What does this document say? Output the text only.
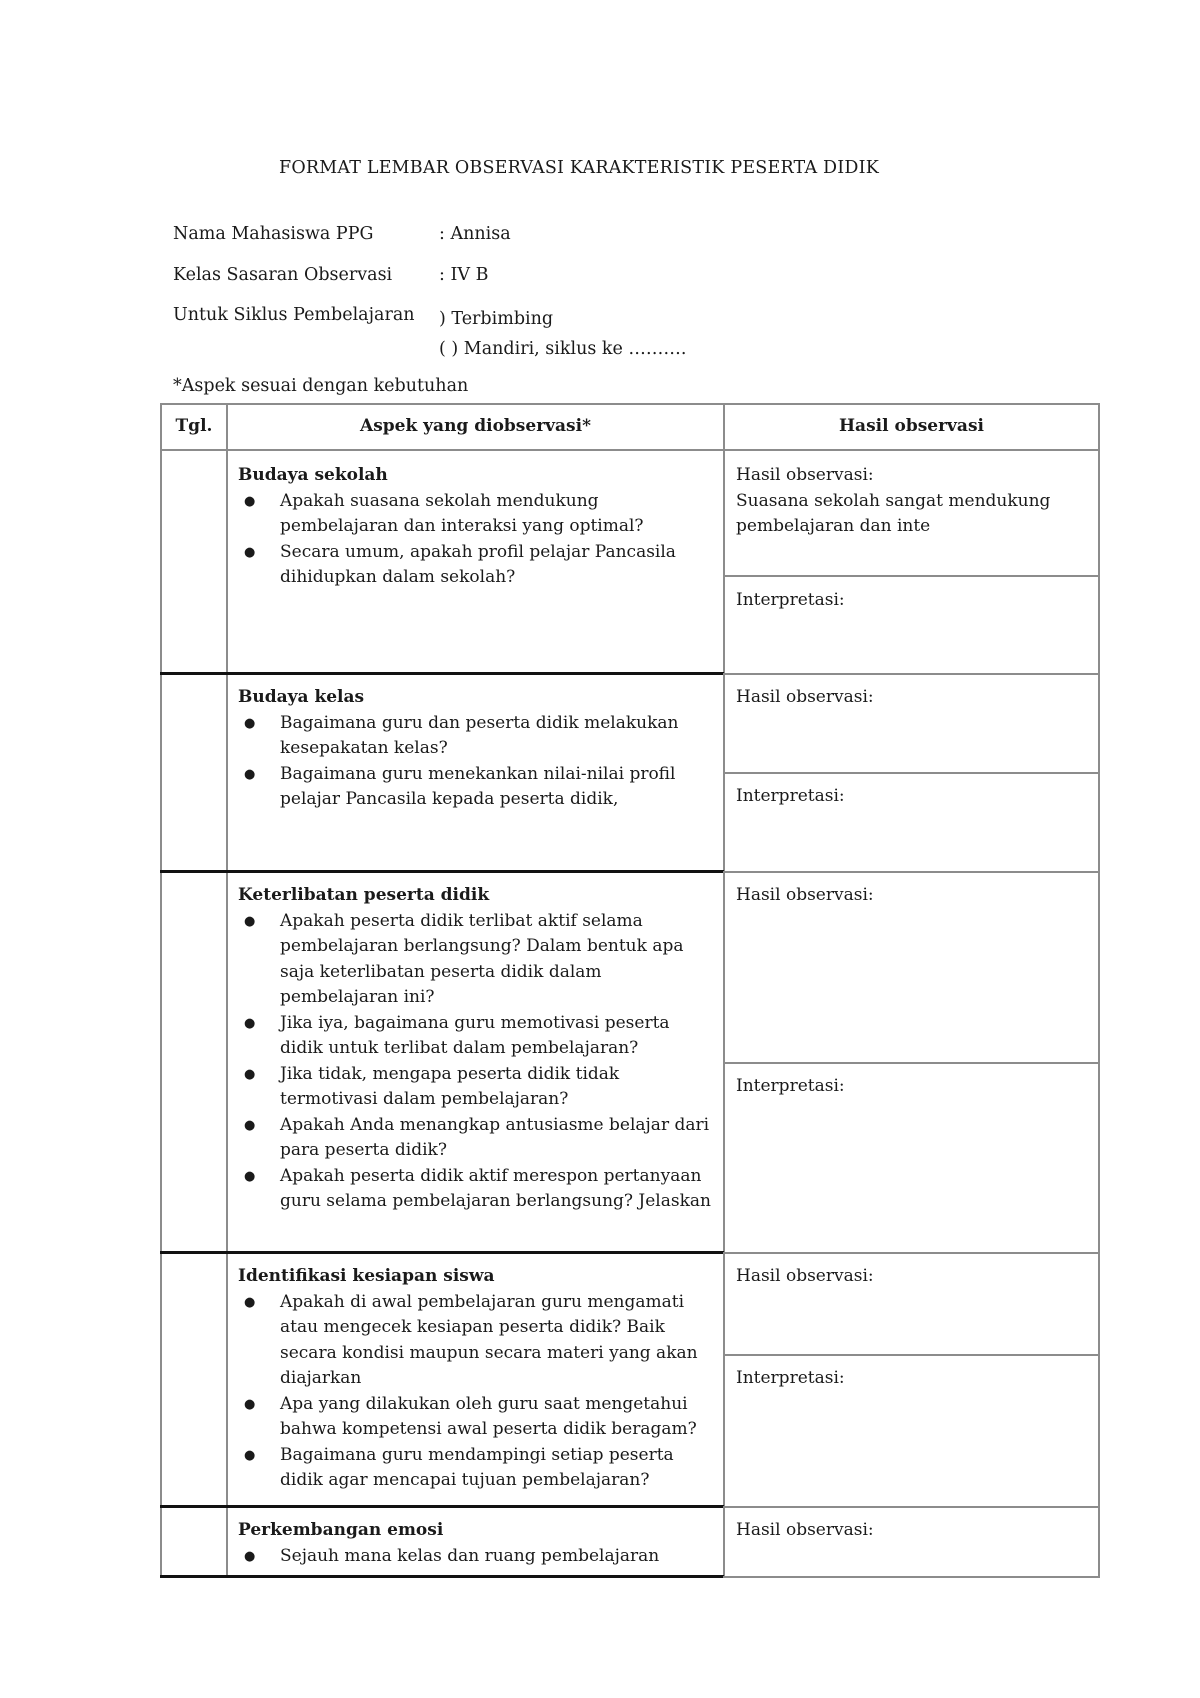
FORMAT LEMBAR OBSERVASI KARAKTERISTIK PESERTA DIDIK
Nama Mahasiswa PPG	: Annisa
Kelas Sasaran Observasi	: IV B
Untuk Siklus Pembelajaran ) Terbimbing
( ) Mandiri, siklus ke ……….
*Aspek sesuai dengan kebutuhan
Tgl.	Aspek yang diobservasi*	Hasil observasi
Budaya sekolah
● Apakah suasana sekolah mendukung pembelajaran dan interaksi yang optimal?
● Secara umum, apakah profil pelajar Pancasila dihidupkan dalam sekolah?
Hasil observasi:
Suasana sekolah sangat mendukung pembelajaran dan inte
Interpretasi:
Budaya kelas
● Bagaimana guru dan peserta didik melakukan kesepakatan kelas?
● Bagaimana guru menekankan nilai-nilai profil pelajar Pancasila kepada peserta didik,
Hasil observasi:
Interpretasi:
Keterlibatan peserta didik
● Apakah peserta didik terlibat aktif selama pembelajaran berlangsung? Dalam bentuk apa saja keterlibatan peserta didik dalam pembelajaran ini?
● Jika iya, bagaimana guru memotivasi peserta didik untuk terlibat dalam pembelajaran?
● Jika tidak, mengapa peserta didik tidak termotivasi dalam pembelajaran?
● Apakah Anda menangkap antusiasme belajar dari para peserta didik?
● Apakah peserta didik aktif merespon pertanyaan guru selama pembelajaran berlangsung? Jelaskan
Hasil observasi:
Interpretasi:
Identifikasi kesiapan siswa
● Apakah di awal pembelajaran guru mengamati atau mengecek kesiapan peserta didik? Baik secara kondisi maupun secara materi yang akan diajarkan
● Apa yang dilakukan oleh guru saat mengetahui bahwa kompetensi awal peserta didik beragam?
● Bagaimana guru mendampingi setiap peserta didik agar mencapai tujuan pembelajaran?
Hasil observasi:
Interpretasi:
Perkembangan emosi
● Sejauh mana kelas dan ruang pembelajaran
Hasil observasi:
